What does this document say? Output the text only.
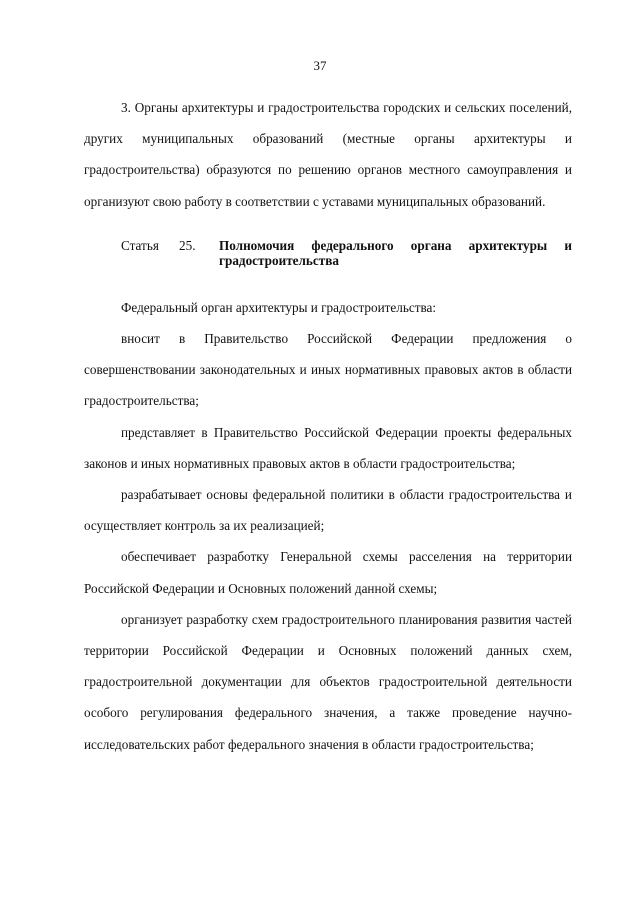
37

3. Органы архитектуры и градостроительства городских и сельских поселений, других муниципальных образований (местные органы архитектуры и градостроительства) образуются по решению органов местного самоуправления и организуют свою работу в соответствии с уставами муниципальных образований.

Статья	25.	Полномочия федерального органа архитектуры и
градостроительства

Федеральный орган архитектуры и градостроительства:

вносит в Правительство Российской Федерации предложения о совершенствовании законодательных и иных нормативных правовых актов в области градостроительства;

представляет в Правительство Российской Федерации проекты федеральных законов и иных нормативных правовых актов в области градостроительства;

разрабатывает основы федеральной политики в области градостроительства и осуществляет контроль за их реализацией;

обеспечивает разработку Генеральной схемы расселения на территории Российской Федерации и Основных положений данной схемы;

организует разработку схем градостроительного планирования развития частей территории Российской Федерации и Основных положений данных схем, градостроительной документации для объектов градостроительной деятельности особого регулирования федерального значения, а также проведение научно-исследовательских работ федерального значения в области градостроительства;
